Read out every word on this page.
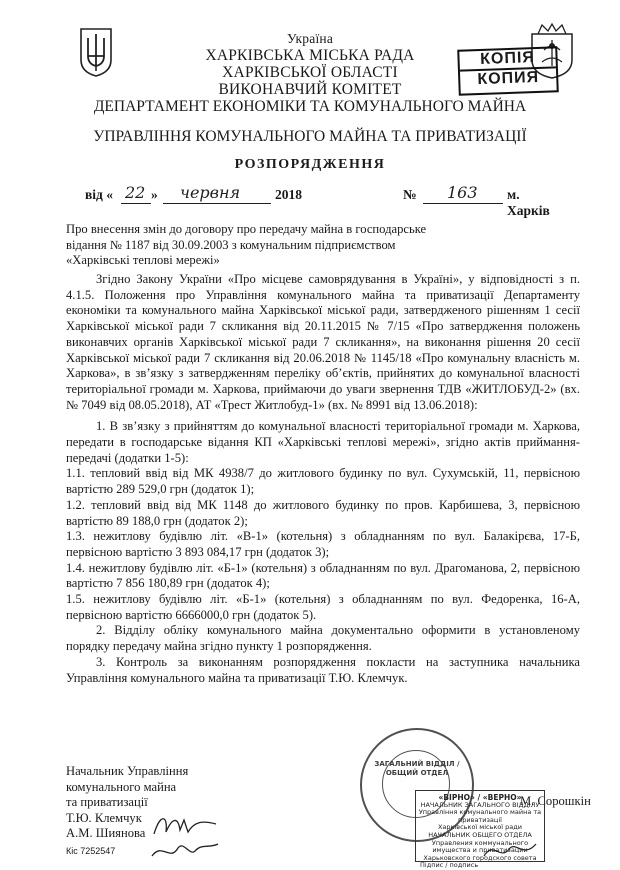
КОПІЯ
КОПИЯ
Україна
ХАРКІВСЬКА МІСЬКА РАДА
ХАРКІВСЬКОЇ ОБЛАСТІ
ВИКОНАВЧИЙ КОМІТЕТ
ДЕПАРТАМЕНТ ЕКОНОМІКИ ТА КОМУНАЛЬНОГО МАЙНА
УПРАВЛІННЯ КОМУНАЛЬНОГО МАЙНА ТА ПРИВАТИЗАЦІЇ
РОЗПОРЯДЖЕННЯ
від « 22 » червня	2018	№ 163 м. Харків
Про внесення змін до договору про передачу майна в господарське відання № 1187 від 30.09.2003 з комунальним підприємством «Харківські теплові мережі»

Згідно Закону України «Про місцеве самоврядування в Україні», у відповідності з п. 4.1.5. Положення про Управління комунального майна та приватизації Департаменту економіки та комунального майна Харківської міської ради, затвердженого рішенням 1 сесії Харківської міської ради 7 скликання від 20.11.2015 № 7/15 «Про затвердження положень виконавчих органів Харківської міської ради 7 скликання», на виконання рішення 20 сесії Харківської міської ради 7 скликання від 20.06.2018 № 1145/18 «Про комунальну власність м. Харкова», в зв’язку з затвердженням переліку об’єктів, прийнятих до комунальної власності територіальної громади м. Харкова, приймаючи до уваги звернення ТДВ «ЖИТЛОБУД-2» (вх. № 7049 від 08.05.2018), АТ «Трест Житлобуд-1» (вх. № 8991 від 13.06.2018):

1. В зв’язку з прийняттям до комунальної власності територіальної громади м. Харкова, передати в господарське відання КП «Харківські теплові мережі», згідно актів приймання-передачі (додатки 1-5):

1.1. тепловий ввід від МК 4938/7 до житлового будинку по вул. Сухумській, 11, первісною вартістю 289 529,0 грн (додаток 1);

1.2. тепловий ввід від МК 1148 до житлового будинку по пров. Карбишева, 3, первісною вартістю 89 188,0 грн (додаток 2);

1.3. нежитлову будівлю літ. «В-1» (котельня) з обладнанням по вул. Балакірєва, 17-Б, первісною вартістю 3 893 084,17 грн (додаток 3);

1.4. нежитлову будівлю літ. «Б-1» (котельня) з обладнанням по вул. Драгоманова, 2, первісною вартістю 7 856 180,89 грн (додаток 4);

1.5. нежитлову будівлю літ. «Б-1» (котельня) з обладнанням по вул. Федоренка, 16-А, первісною вартістю 6666000,0 грн (додаток 5).

2. Відділу обліку комунального майна документально оформити в установленому порядку передачу майна згідно пункту 1 розпорядження.

3. Контроль за виконанням розпорядження покласти на заступника начальника Управління комунального майна та приватизації Т.Ю. Клемчук.

Начальник Управління
комунального майна
та приватизації
Т.Ю. Клемчук
А.М. Шиянова
Кіс 7252547
М. Сорошкін
ЗАГАЛЬНИЙ ВІДДІЛ / ОБЩИЙ ОТДЕЛ
«ВІРНО» / «ВЕРНО»
НАЧАЛЬНИК ЗАГАЛЬНОГО ВІДДІЛУ
Управління комунального майна та приватизації
Харківської міської ради
НАЧАЛЬНИК ОБЩЕГО ОТДЕЛА
Управления коммунального имущества и приватизации
Харьковского городского совета
Підпис / подпись
